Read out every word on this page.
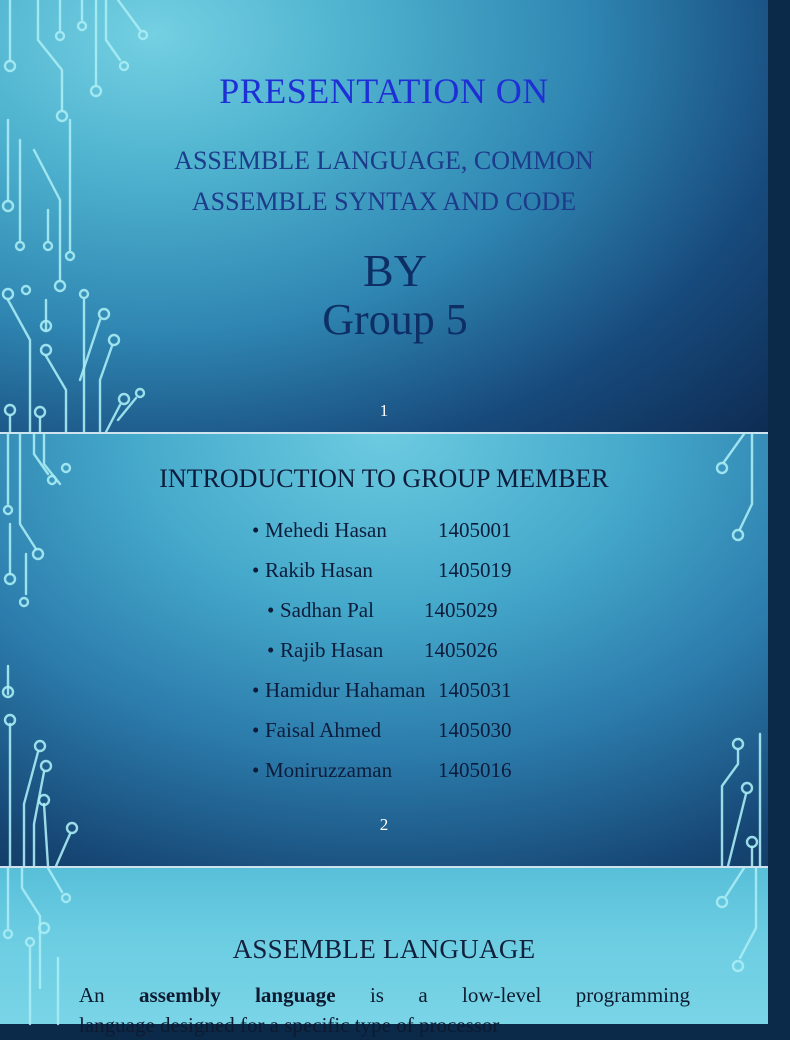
PRESENTATION ON
ASSEMBLE LANGUAGE, COMMON
ASSEMBLE SYNTAX AND CODE
BY
Group 5
1
INTRODUCTION TO GROUP MEMBER
• Mehedi Hasan 1405001
• Rakib Hasan	1405019
• Sadhan Pal 1405029
• Rajib Hasan 1405026
• Hamidur Hahaman 1405031
• Faisal Ahmed	1405030
• Moniruzzaman 1405016
2
ASSEMBLE LANGUAGE
An assembly language is a low-level programming
language designed for a specific type of processor
